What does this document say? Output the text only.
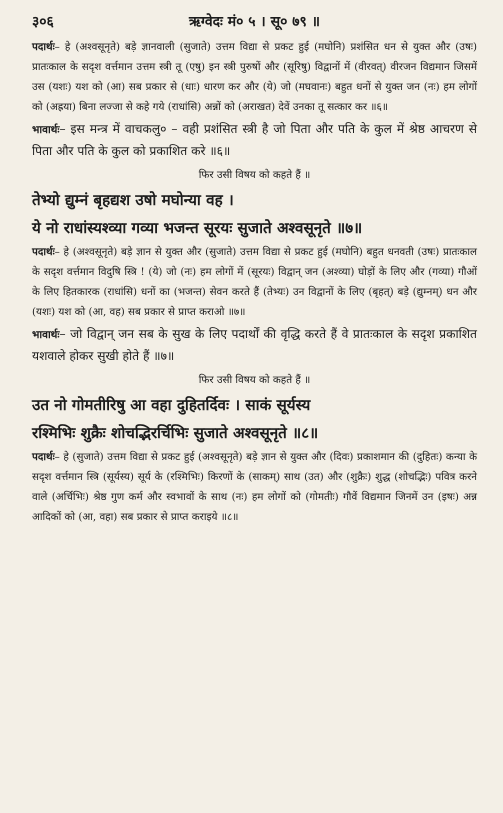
३०६	ऋग्वेदः मं० ५ । सू० ७९ ॥

पदार्थः– हे (अश्वसूनृते) बड़े ज्ञानवाली (सुजाते) उत्तम विद्या से प्रकट हुई (मघोनि) प्रशंसित धन से युक्त और (उषः) प्रातःकाल के सदृश वर्त्तमान उत्तम स्त्री तू (एषु) इन स्त्री पुरुषों और (सूरिषु) विद्वानों में (वीरवत्) वीरजन विद्यमान जिसमें उस (यशः) यश को (आ) सब प्रकार से (धाः) धारण कर और (ये) जो (मघवानः) बहुत धनों से युक्त जन (नः) हम लोगों को (अह्रया) बिना लज्जा से कहे गये (राधांसि) अन्नों को (अराखत) देवें उनका तू सत्कार कर ॥६॥

भावार्थः– इस मन्त्र में वाचकलु० – वही प्रशंसित स्त्री है जो पिता और पति के कुल में श्रेष्ठ आचरण से पिता और पति के कुल को प्रकाशित करे ॥६॥

फिर उसी विषय को कहते हैं ॥
तेभ्यो द्युम्नं बृहद्यश उषो मघोन्या वह ।
ये नो राधांस्यश्व्या गव्या भजन्त सूरयः सुजाते अश्वसूनृते ॥७॥

पदार्थः– हे (अश्वसूनृते) बड़े ज्ञान से युक्त और (सुजाते) उत्तम विद्या से प्रकट हुई (मघोनि) बहुत धनवती (उषः) प्रातःकाल के सदृश वर्त्तमान विदुषि स्त्रि ! (ये) जो (नः) हम लोगों में (सूरयः) विद्वान् जन (अश्व्या) घोड़ों के लिए और (गव्या) गौओं के लिए हितकारक (राधांसि) धनों का (भजन्त) सेवन करते हैं (तेभ्यः) उन विद्वानों के लिए (बृहत्) बड़े (द्युम्नम्) धन और (यशः) यश को (आ, वह) सब प्रकार से प्राप्त कराओ ॥७॥

भावार्थः– जो विद्वान् जन सब के सुख के लिए पदार्थों की वृद्धि करते हैं वे प्रातःकाल के सदृश प्रकाशित यशवाले होकर सुखी होते हैं ॥७॥

फिर उसी विषय को कहते हैं ॥
उत नो गोमतीरिषु आ वहा दुहितर्दिवः । साकं सूर्यस्य
रश्मिभिः शुक्रैः शोचद्भिरर्चिभिः सुजाते अश्वसूनृते ॥८॥

पदार्थः– हे (सुजाते) उत्तम विद्या से प्रकट हुई (अश्वसूनृते) बड़े ज्ञान से युक्त और (दिवः) प्रकाशमान की (दुहितः) कन्या के सदृश वर्त्तमान स्त्रि (सूर्यस्य) सूर्य के (रश्मिभिः) किरणों के (साकम्) साथ (उत) और (शुक्रैः) शुद्ध (शोचद्भिः) पवित्र करने वाले (अर्चिभिः) श्रेष्ठ गुण कर्म और स्वभावों के साथ (नः) हम लोगों को (गोमतीः) गौवें विद्यमान जिनमें उन (इषः) अन्न आदिकों को (आ, वहा) सब प्रकार से प्राप्त कराइये ॥८॥
